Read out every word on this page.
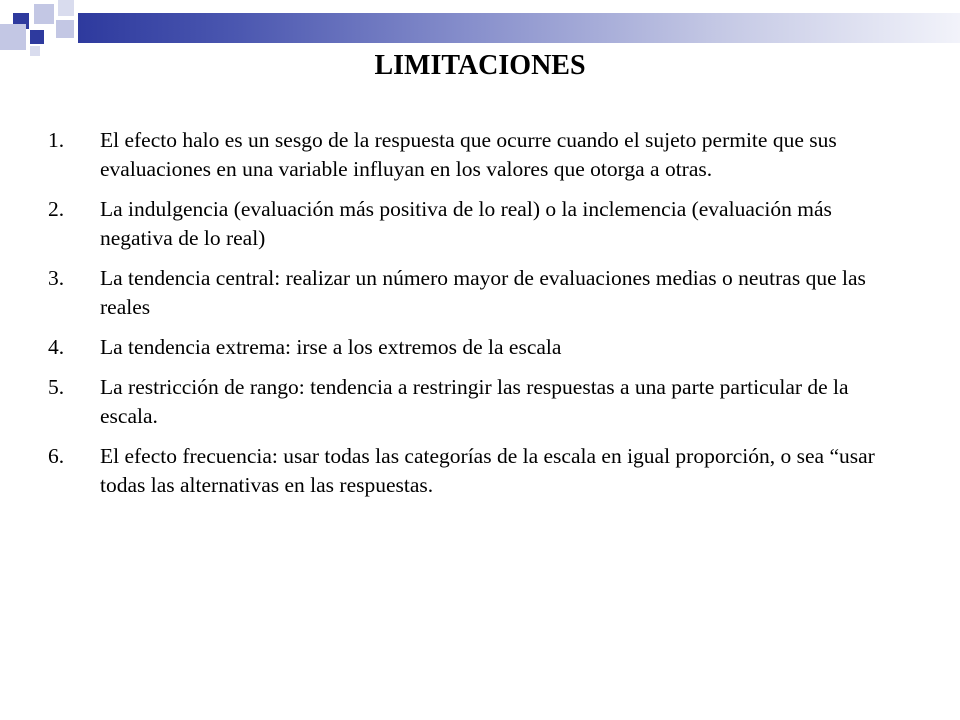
LIMITACIONES
1. El efecto halo es un sesgo de la respuesta que ocurre cuando el sujeto permite que sus evaluaciones en una variable influyan en los valores que otorga a otras.
2. La indulgencia (evaluación más positiva de lo real) o la inclemencia (evaluación más negativa de lo real)
3. La tendencia central: realizar un número mayor de evaluaciones medias o neutras que las reales
4. La tendencia extrema: irse a los extremos de la escala
5. La restricción de rango: tendencia a restringir las respuestas a una parte particular de la escala.
6. El efecto frecuencia: usar todas las categorías de la escala en igual proporción, o sea “usar todas las alternativas en las respuestas.
